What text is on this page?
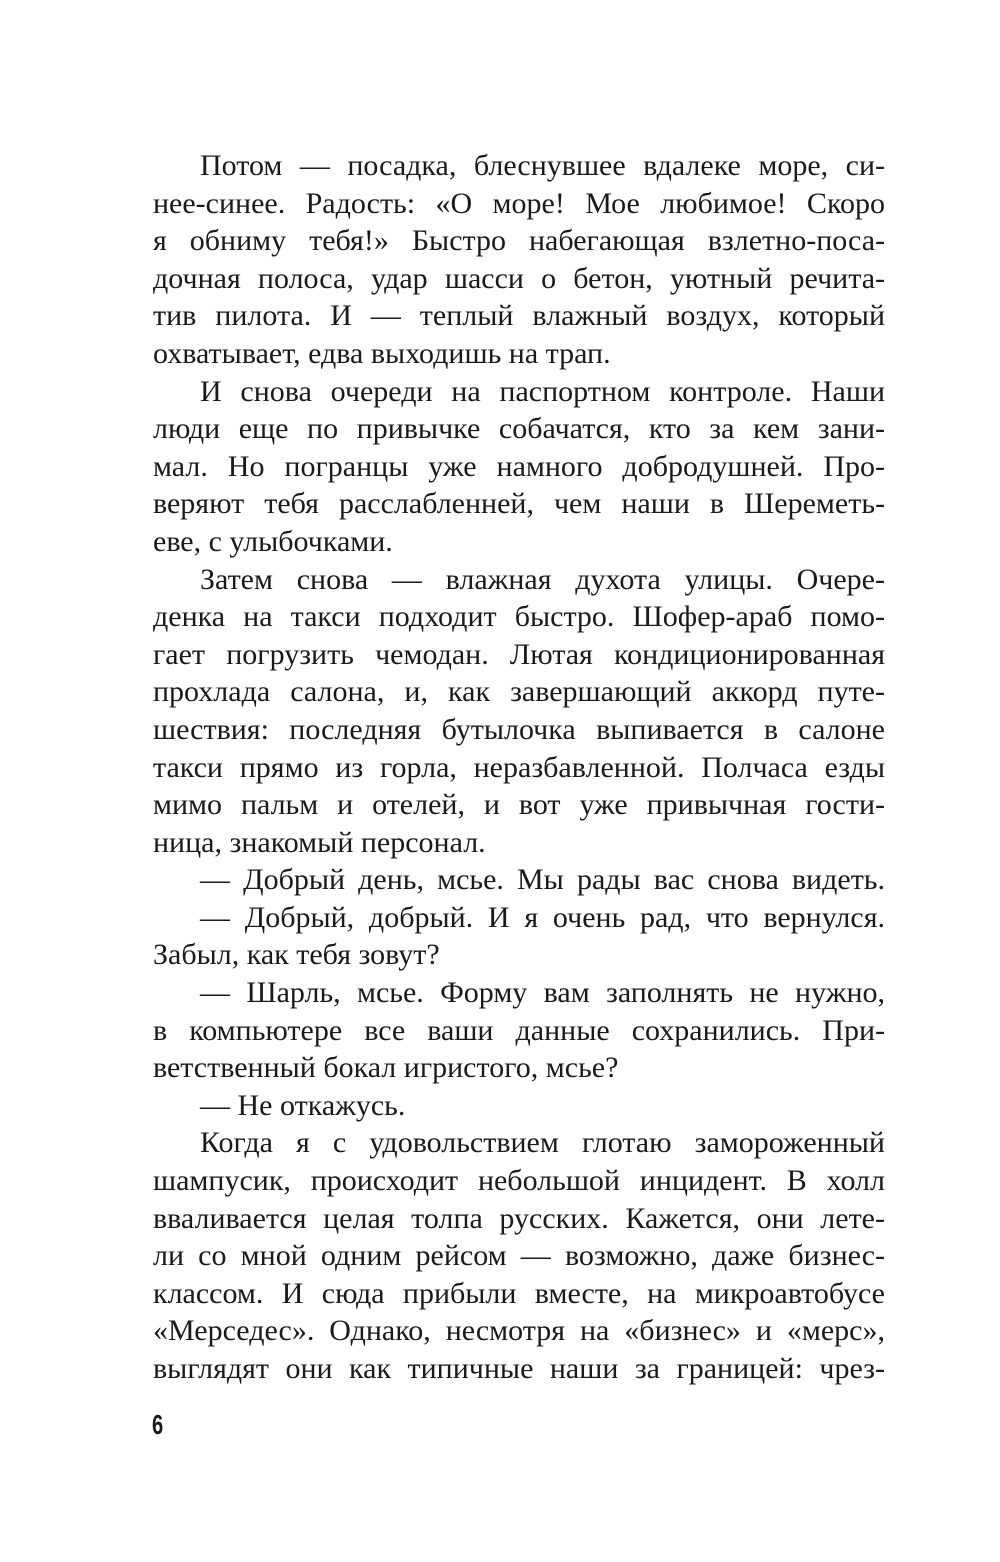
Потом — посадка, блеснувшее вдалеке море, си-
нее-синее. Радость: «О море! Мое любимое! Скоро
я обниму тебя!» Быстро набегающая взлетно-поса-
дочная полоса, удар шасси о бетон, уютный речита-
тив пилота. И — теплый влажный воздух, который
охватывает, едва выходишь на трап.
И снова очереди на паспортном контроле. Наши
люди еще по привычке собачатся, кто за кем зани-
мал. Но погранцы уже намного добродушней. Про-
веряют тебя расслабленней, чем наши в Шереметь-
еве, с улыбочками.
Затем снова — влажная духота улицы. Очере-
денка на такси подходит быстро. Шофер-араб помо-
гает погрузить чемодан. Лютая кондиционированная
прохлада салона, и, как завершающий аккорд путе-
шествия: последняя бутылочка выпивается в салоне
такси прямо из горла, неразбавленной. Полчаса езды
мимо пальм и отелей, и вот уже привычная гости-
ница, знакомый персонал.
— Добрый день, мсье. Мы рады вас снова видеть.
— Добрый, добрый. И я очень рад, что вернулся.
Забыл, как тебя зовут?
— Шарль, мсье. Форму вам заполнять не нужно,
в компьютере все ваши данные сохранились. При-
ветственный бокал игристого, мсье?
— Не откажусь.
Когда я с удовольствием глотаю замороженный
шампусик, происходит небольшой инцидент. В холл
вваливается целая толпа русских. Кажется, они лете-
ли со мной одним рейсом — возможно, даже бизнес-
классом. И сюда прибыли вместе, на микроавтобусе
«Мерседес». Однако, несмотря на «бизнес» и «мерс»,
выглядят они как типичные наши за границей: чрез-
6
